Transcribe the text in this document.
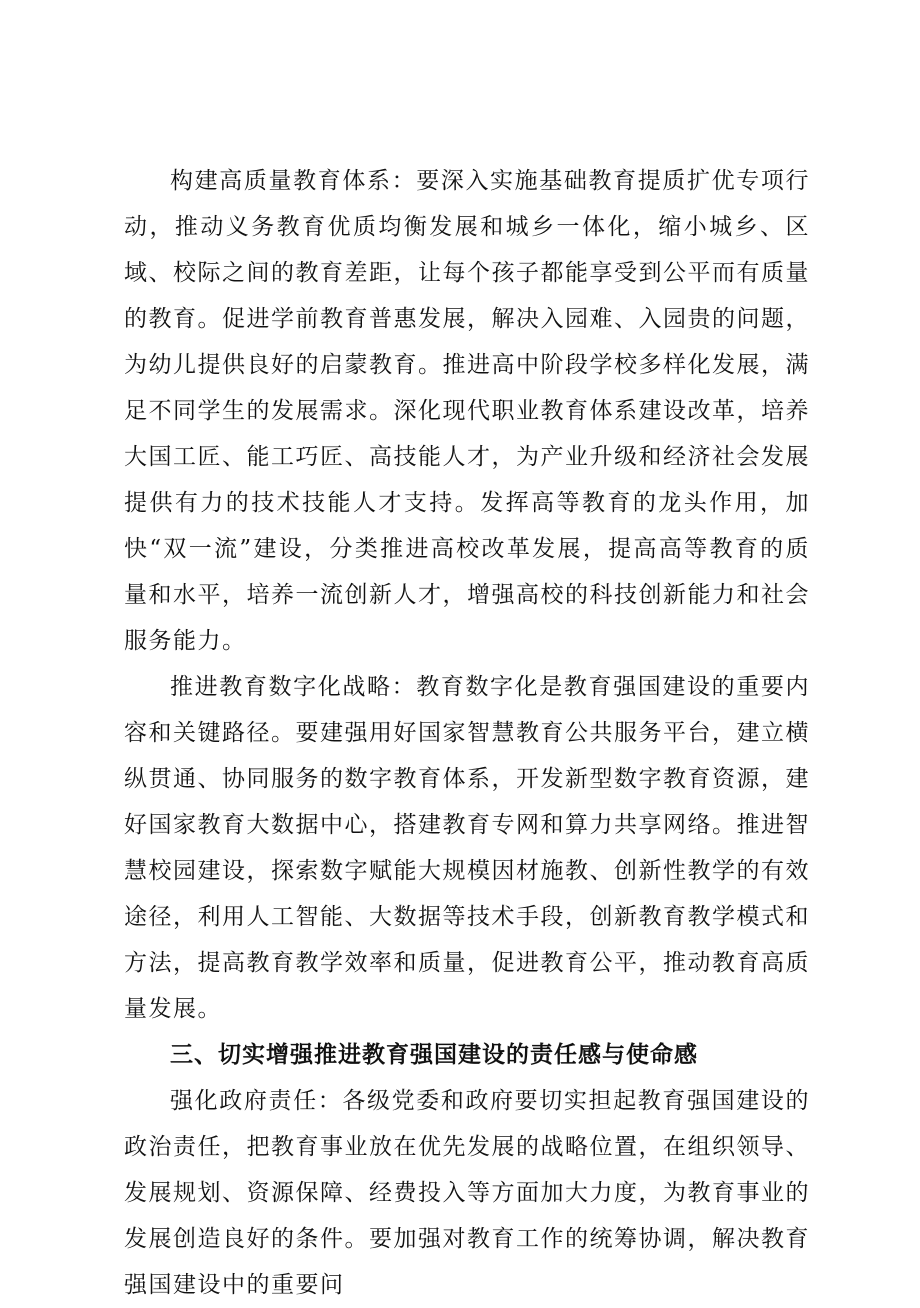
构建高质量教育体系：要深入实施基础教育提质扩优专项行动，推动义务教育优质均衡发展和城乡一体化，缩小城乡、区域、校际之间的教育差距，让每个孩子都能享受到公平而有质量的教育。促进学前教育普惠发展，解决入园难、入园贵的问题，为幼儿提供良好的启蒙教育。推进高中阶段学校多样化发展，满足不同学生的发展需求。深化现代职业教育体系建设改革，培养大国工匠、能工巧匠、高技能人才，为产业升级和经济社会发展提供有力的技术技能人才支持。发挥高等教育的龙头作用，加快“双一流”建设，分类推进高校改革发展，提高高等教育的质量和水平，培养一流创新人才，增强高校的科技创新能力和社会服务能力。

推进教育数字化战略：教育数字化是教育强国建设的重要内容和关键路径。要建强用好国家智慧教育公共服务平台，建立横纵贯通、协同服务的数字教育体系，开发新型数字教育资源，建好国家教育大数据中心，搭建教育专网和算力共享网络。推进智慧校园建设，探索数字赋能大规模因材施教、创新性教学的有效途径，利用人工智能、大数据等技术手段，创新教育教学模式和方法，提高教育教学效率和质量，促进教育公平，推动教育高质量发展。

三、切实增强推进教育强国建设的责任感与使命感

强化政府责任：各级党委和政府要切实担起教育强国建设的政治责任，把教育事业放在优先发展的战略位置，在组织领导、发展规划、资源保障、经费投入等方面加大力度，为教育事业的发展创造良好的条件。要加强对教育工作的统筹协调，解决教育强国建设中的重要问
